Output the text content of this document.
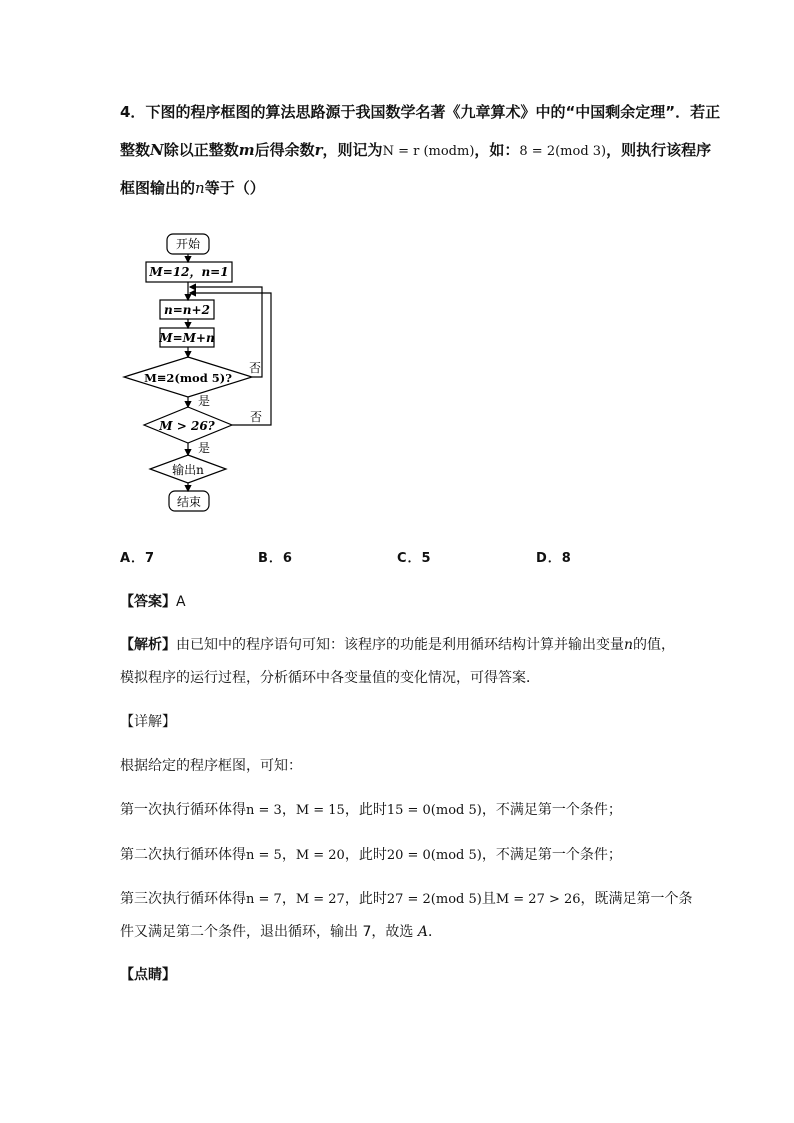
4．下图的程序框图的算法思路源于我国数学名著《九章算术》中的“中国剩余定理”．若正
整数N除以正整数m后得余数r，则记为N = r (modm)，如：8 = 2(mod 3)，则执行该程序
框图输出的n等于（）
开始
M=12，n=1
n=n+2
M=M+n
M≡2(mod 5)?
M > 26?
输出n
结束
否
是
否
是
A．7	B．6	C．5	D．8
【答案】A
【解析】由已知中的程序语句可知：该程序的功能是利用循环结构计算并输出变量n的值，
模拟程序的运行过程，分析循环中各变量值的变化情况，可得答案．
【详解】
根据给定的程序框图，可知：
第一次执行循环体得n = 3，M = 15，此时15 = 0(mod 5)，不满足第一个条件；
第二次执行循环体得n = 5，M = 20，此时20 = 0(mod 5)，不满足第一个条件；
第三次执行循环体得n = 7，M = 27，此时27 = 2(mod 5)且M = 27 > 26，既满足第一个条
件又满足第二个条件，退出循环，输出 7，故选 A．
【点睛】
